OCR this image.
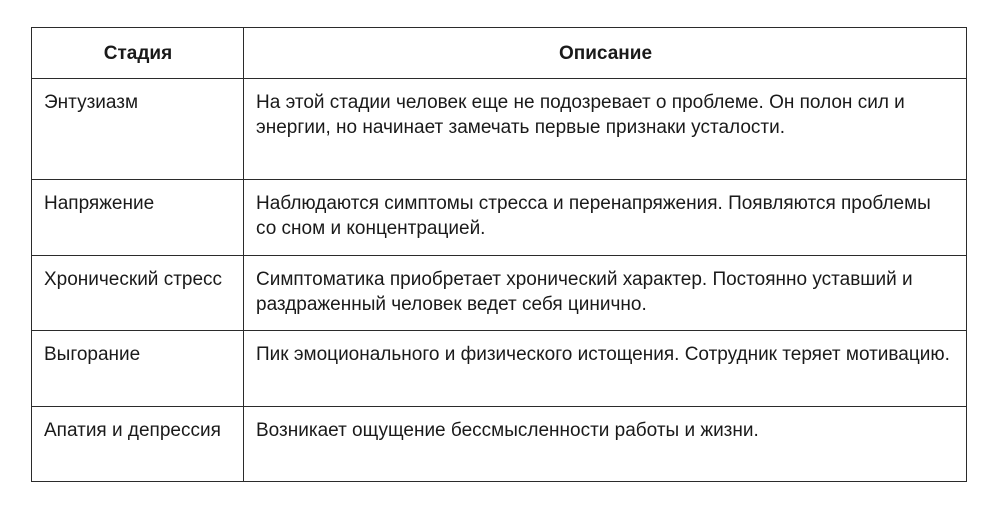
Стадия	Описание

Энтузиазм	На этой стадии человек еще не подозревает о проблеме. Он полон сил и энергии, но начинает замечать первые признаки усталости.

Напряжение	Наблюдаются симптомы стресса и перенапряжения. Появляются проблемы со сном и концентрацией.

Хронический стресс	Симптоматика приобретает хронический характер. Постоянно уставший и раздраженный человек ведет себя цинично.

Выгорание	Пик эмоционального и физического истощения. Сотрудник теряет мотивацию.

Апатия и депрессия	Возникает ощущение бессмысленности работы и жизни.
